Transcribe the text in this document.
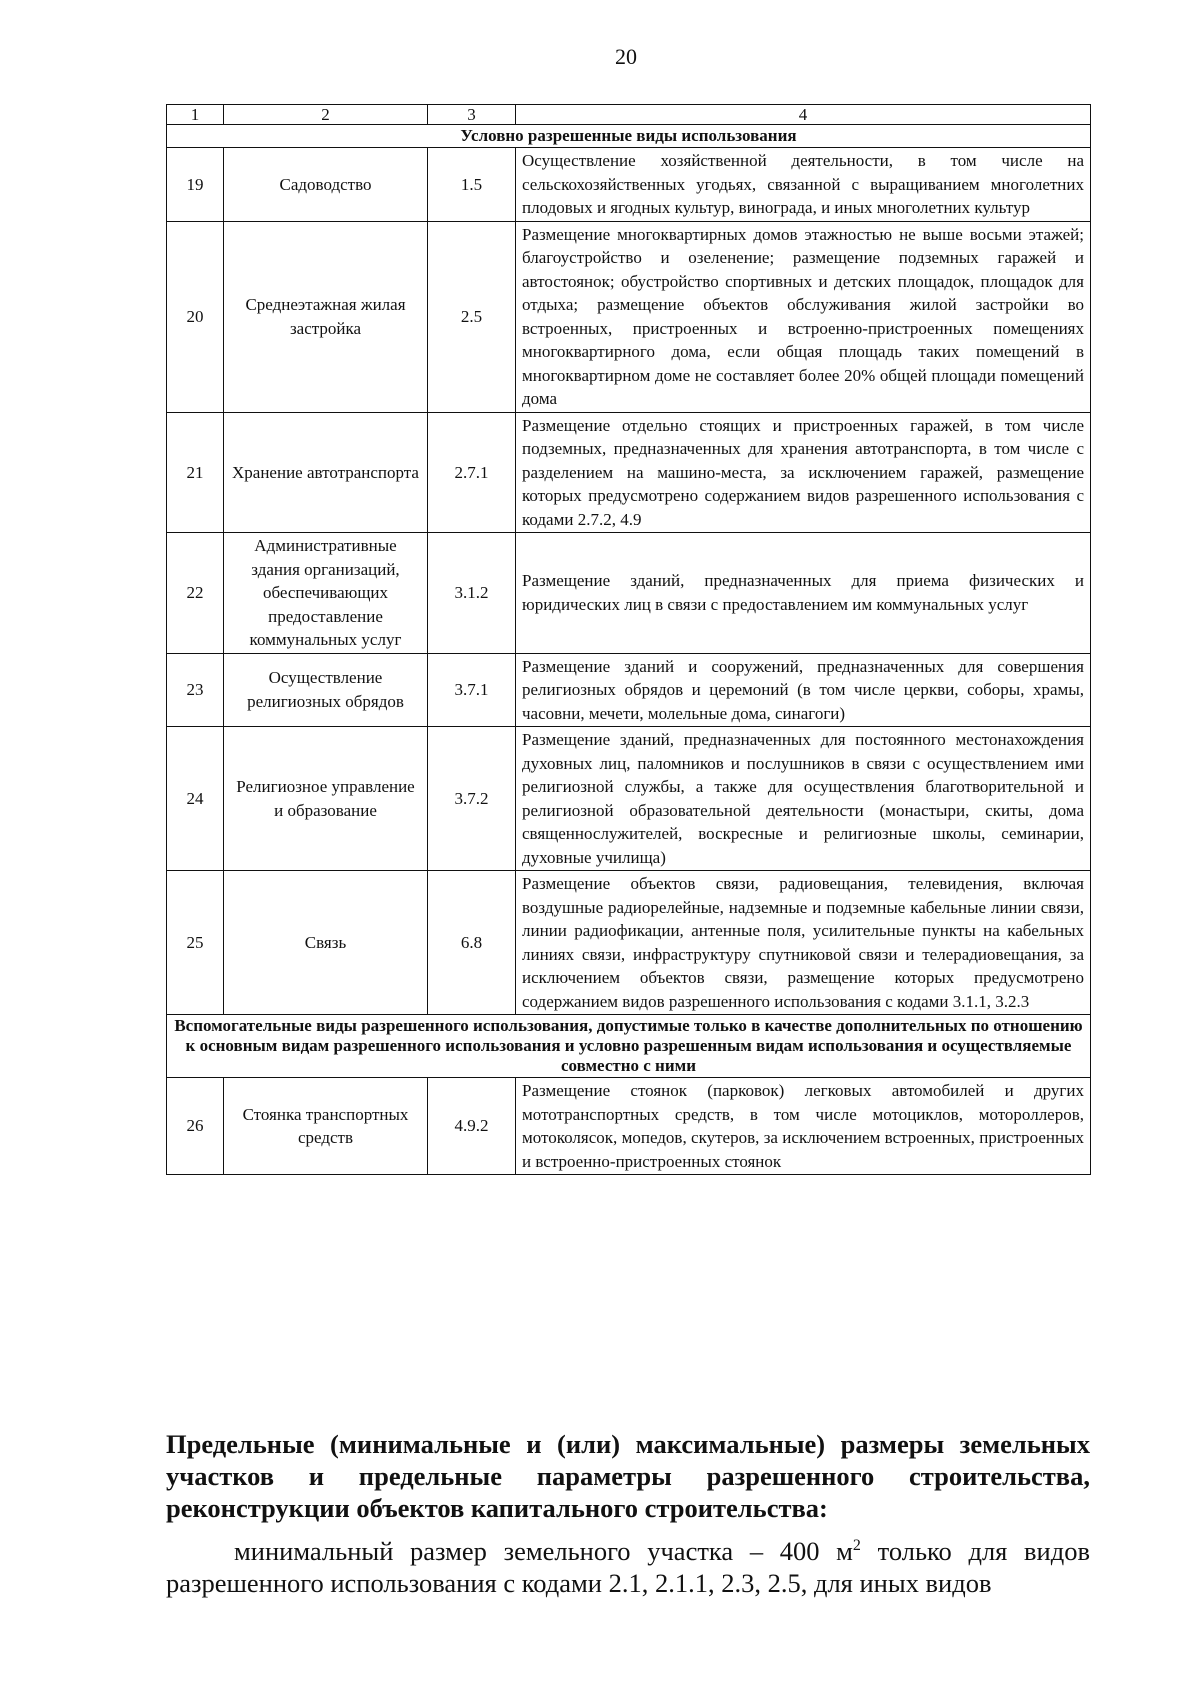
20
1	2	3	4
Условно разрешенные виды использования			
19	Садоводство	1.5	Осуществление хозяйственной деятельности, в том числе на сельскохозяйственных угодьях, связанной с выращиванием многолетних плодовых и ягодных культур, винограда, и иных многолетних культур
20	Среднеэтажная жилая застройка	2.5	Размещение многоквартирных домов этажностью не выше восьми этажей; благоустройство и озеленение; размещение подземных гаражей и автостоянок; обустройство спортивных и детских площадок, площадок для отдыха; размещение объектов обслуживания жилой застройки во встроенных, пристроенных и встроенно-пристроенных помещениях многоквартирного дома, если общая площадь таких помещений в многоквартирном доме не составляет более 20% общей площади помещений дома
21	Хранение автотранспорта	2.7.1	Размещение отдельно стоящих и пристроенных гаражей, в том числе подземных, предназначенных для хранения автотранспорта, в том числе с разделением на машино-места, за исключением гаражей, размещение которых предусмотрено содержанием видов разрешенного использования с кодами 2.7.2, 4.9
22	Административные здания организаций, обеспечивающих предоставление коммунальных услуг	3.1.2	Размещение зданий, предназначенных для приема физических и юридических лиц в связи с предоставлением им коммунальных услуг
23	Осуществление религиозных обрядов	3.7.1	Размещение зданий и сооружений, предназначенных для совершения религиозных обрядов и церемоний (в том числе церкви, соборы, храмы, часовни, мечети, молельные дома, синагоги)
24	Религиозное управление и образование	3.7.2	Размещение зданий, предназначенных для постоянного местонахождения духовных лиц, паломников и послушников в связи с осуществлением ими религиозной службы, а также для осуществления благотворительной и религиозной образовательной деятельности (монастыри, скиты, дома священнослужителей, воскресные и религиозные школы, семинарии, духовные училища)
25	Связь	6.8	Размещение объектов связи, радиовещания, телевидения, включая воздушные радиорелейные, надземные и подземные кабельные линии связи, линии радиофикации, антенные поля, усилительные пункты на кабельных линиях связи, инфраструктуру спутниковой связи и телерадиовещания, за исключением объектов связи, размещение которых предусмотрено содержанием видов разрешенного использования с кодами 3.1.1, 3.2.3
Вспомогательные виды разрешенного использования, допустимые только в качестве дополнительных по отношению к основным видам разрешенного использования и условно разрешенным видам использования и осуществляемые совместно с ними			
26	Стоянка транспортных средств	4.9.2	Размещение стоянок (парковок) легковых автомобилей и других мототранспортных средств, в том числе мотоциклов, мотороллеров, мотоколясок, мопедов, скутеров, за исключением встроенных, пристроенных и встроенно-пристроенных стоянок
Предельные (минимальные и (или) максимальные) размеры земельных участков и предельные параметры разрешенного строительства, реконструкции объектов капитального строительства:
минимальный размер земельного участка – 400 $м^2$ только для видов разрешенного использования с кодами 2.1, 2.1.1, 2.3, 2.5, для иных видов
